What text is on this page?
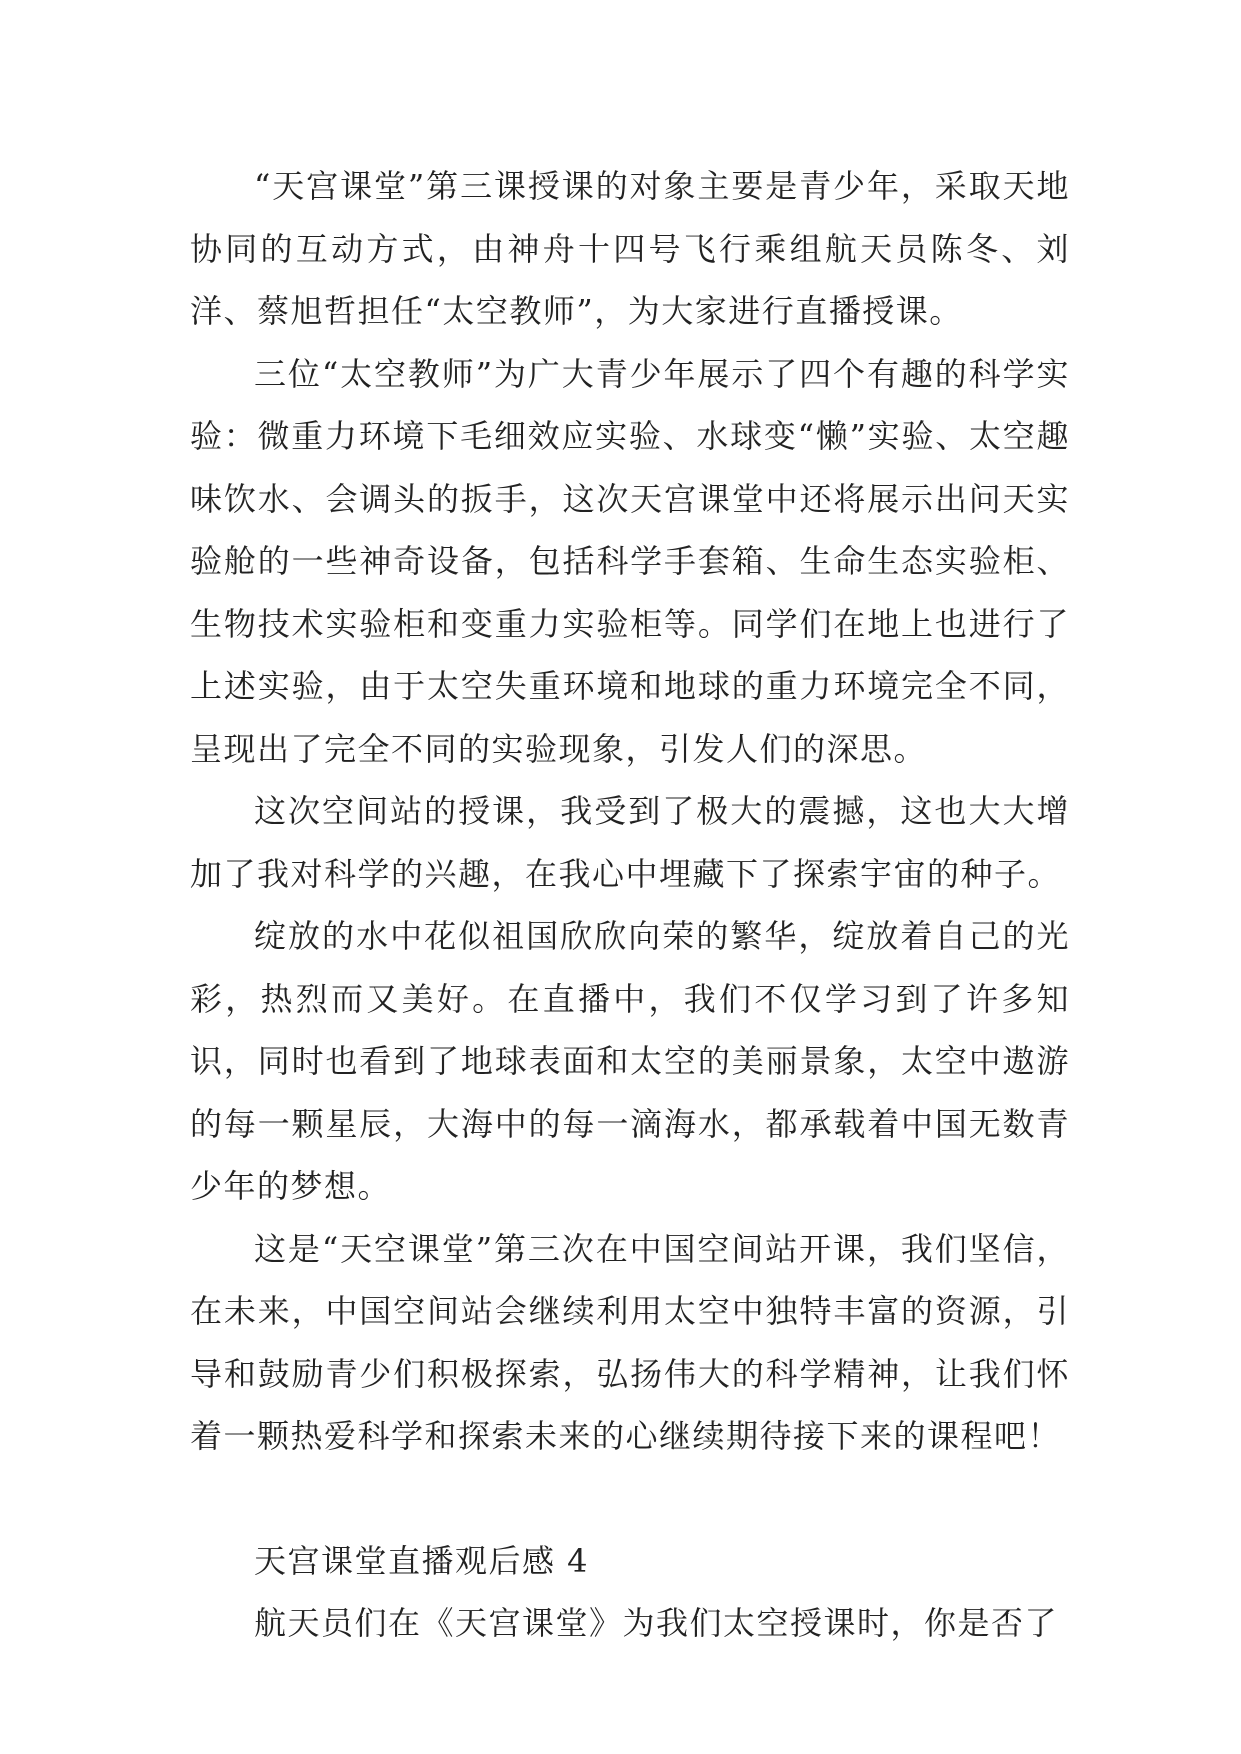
“天宫课堂”第三课授课的对象主要是青少年，采取天地协同的互动方式，由神舟十四号飞行乘组航天员陈冬、刘洋、蔡旭哲担任“太空教师”，为大家进行直播授课。

三位“太空教师”为广大青少年展示了四个有趣的科学实验：微重力环境下毛细效应实验、水球变“懒”实验、太空趣味饮水、会调头的扳手，这次天宫课堂中还将展示出问天实验舱的一些神奇设备，包括科学手套箱、生命生态实验柜、生物技术实验柜和变重力实验柜等。同学们在地上也进行了上述实验，由于太空失重环境和地球的重力环境完全不同，呈现出了完全不同的实验现象，引发人们的深思。

这次空间站的授课，我受到了极大的震撼，这也大大增加了我对科学的兴趣，在我心中埋藏下了探索宇宙的种子。

绽放的水中花似祖国欣欣向荣的繁华，绽放着自己的光彩，热烈而又美好。在直播中，我们不仅学习到了许多知识，同时也看到了地球表面和太空的美丽景象，太空中遨游的每一颗星辰，大海中的每一滴海水，都承载着中国无数青少年的梦想。

这是“天空课堂”第三次在中国空间站开课，我们坚信，在未来，中国空间站会继续利用太空中独特丰富的资源，引导和鼓励青少们积极探索，弘扬伟大的科学精神，让我们怀着一颗热爱科学和探索未来的心继续期待接下来的课程吧！

天宫课堂直播观后感 4

航天员们在《天宫课堂》为我们太空授课时，你是否了
